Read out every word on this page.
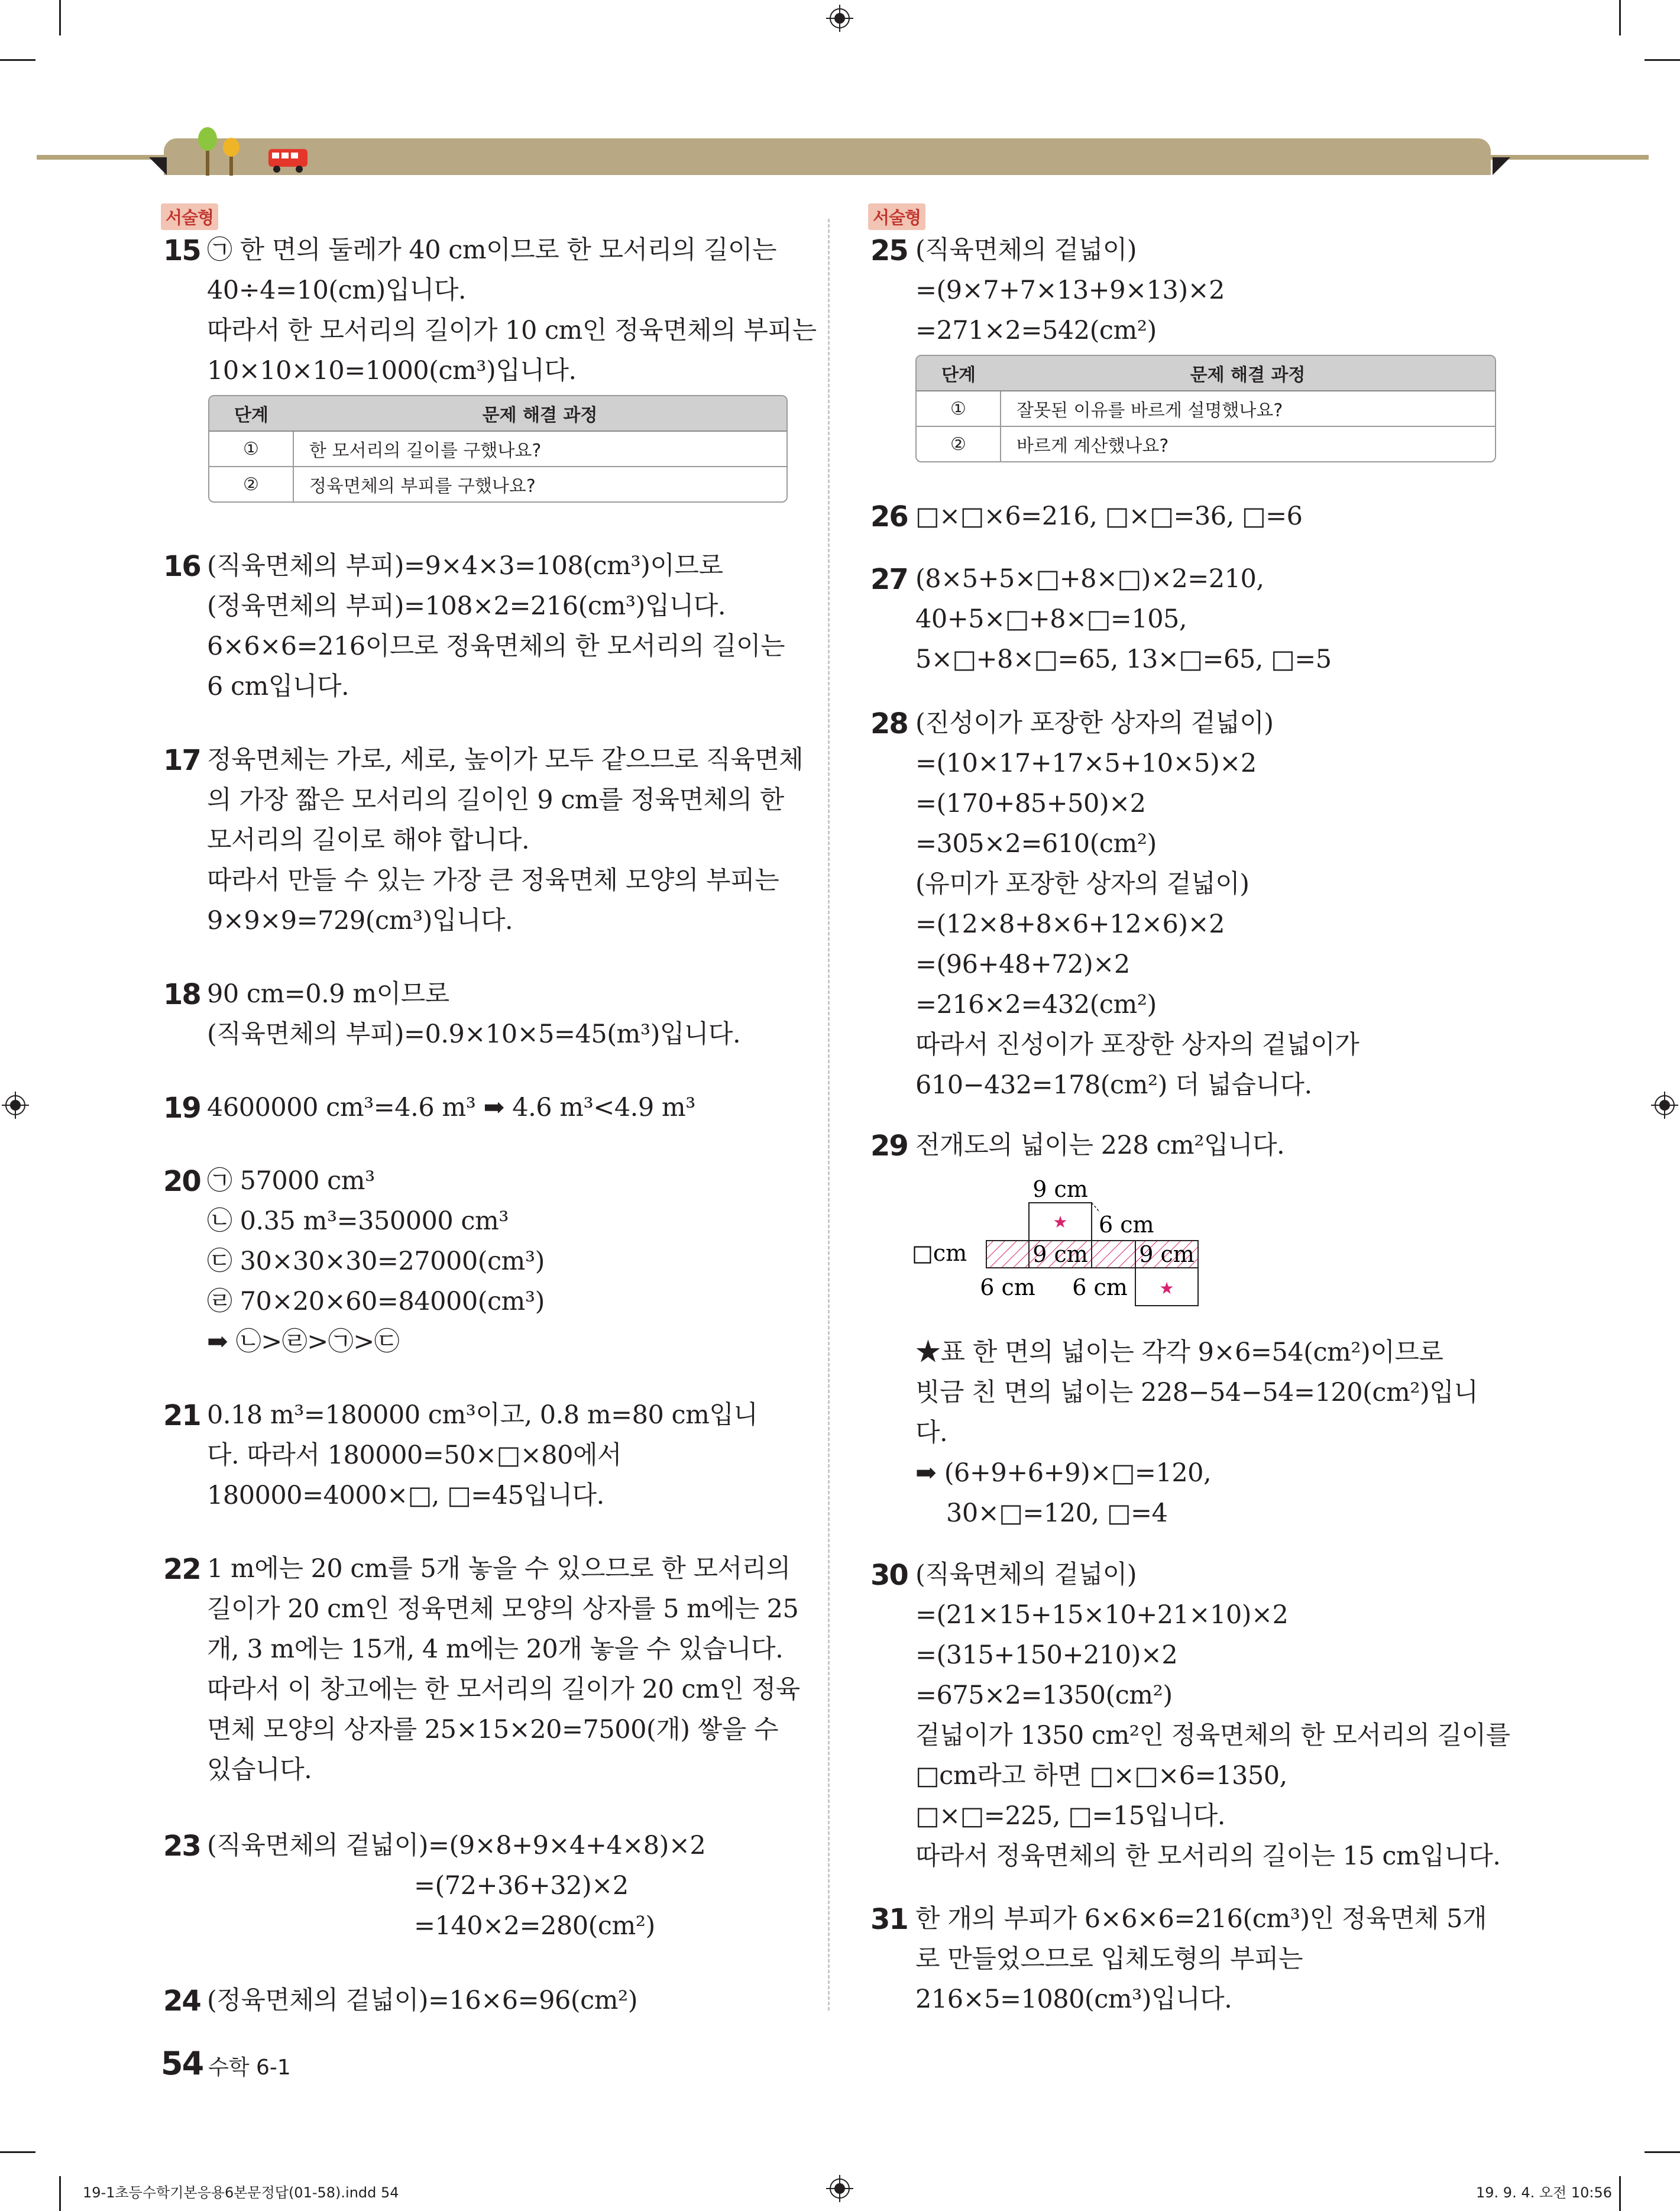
서술형
15 ㉠ 한 면의 둘레가 40 cm이므로 한 모서리의 길이는
40÷4=10(cm)입니다.
따라서 한 모서리의 길이가 10 cm인 정육면체의 부피는
10×10×10=1000(cm³)입니다.
단계	문제 해결 과정
①	한 모서리의 길이를 구했나요?
②	정육면체의 부피를 구했나요?
16 (직육면체의 부피)=9×4×3=108(cm³)이므로
(정육면체의 부피)=108×2=216(cm³)입니다.
6×6×6=216이므로 정육면체의 한 모서리의 길이는
6 cm입니다.
17 정육면체는 가로, 세로, 높이가 모두 같으므로 직육면체
의 가장 짧은 모서리의 길이인 9 cm를 정육면체의 한
모서리의 길이로 해야 합니다.
따라서 만들 수 있는 가장 큰 정육면체 모양의 부피는
9×9×9=729(cm³)입니다.
18 90 cm=0.9 m이므로
(직육면체의 부피)=0.9×10×5=45(m³)입니다.
19 4600000 cm³=4.6 m³ ➡ 4.6 m³<4.9 m³
20 ㉠ 57000 cm³
㉡ 0.35 m³=350000 cm³
㉢ 30×30×30=27000(cm³)
㉣ 70×20×60=84000(cm³)
➡ ㉡>㉣>㉠>㉢
21 0.18 m³=180000 cm³이고, 0.8 m=80 cm입니
다. 따라서 180000=50×□×80에서
180000=4000×□, □=45입니다.
22 1 m에는 20 cm를 5개 놓을 수 있으므로 한 모서리의
길이가 20 cm인 정육면체 모양의 상자를 5 m에는 25
개, 3 m에는 15개, 4 m에는 20개 놓을 수 있습니다.
따라서 이 창고에는 한 모서리의 길이가 20 cm인 정육
면체 모양의 상자를 25×15×20=7500(개) 쌓을 수
있습니다.
23 (직육면체의 겉넓이)=(9×8+9×4+4×8)×2
=(72+36+32)×2
=140×2=280(cm²)
24 (정육면체의 겉넓이)=16×6=96(cm²)
서술형
25 (직육면체의 겉넓이)
=(9×7+7×13+9×13)×2
=271×2=542(cm²)
단계	문제 해결 과정
①	잘못된 이유를 바르게 설명했나요?
②	바르게 계산했나요?
26 □×□×6=216, □×□=36, □=6
27 (8×5+5×□+8×□)×2=210,
40+5×□+8×□=105,
5×□+8×□=65, 13×□=65, □=5
28 (진성이가 포장한 상자의 겉넓이)
=(10×17+17×5+10×5)×2
=(170+85+50)×2
=305×2=610(cm²)
(유미가 포장한 상자의 겉넓이)
=(12×8+8×6+12×6)×2
=(96+48+72)×2
=216×2=432(cm²)
따라서 진성이가 포장한 상자의 겉넓이가
610−432=178(cm²) 더 넓습니다.
29 전개도의 넓이는 228 cm²입니다.
★
★
9 cm
6 cm
□cm	9 cm 9 cm
6 cm 6 cm
★표 한 면의 넓이는 각각 9×6=54(cm²)이므로
빗금 친 면의 넓이는 228−54−54=120(cm²)입니
다.
➡ (6+9+6+9)×□=120,
30×□=120, □=4
30 (직육면체의 겉넓이)
=(21×15+15×10+21×10)×2
=(315+150+210)×2
=675×2=1350(cm²)
겉넓이가 1350 cm²인 정육면체의 한 모서리의 길이를
□cm라고 하면 □×□×6=1350,
□×□=225, □=15입니다.
따라서 정육면체의 한 모서리의 길이는 15 cm입니다.
31 한 개의 부피가 6×6×6=216(cm³)인 정육면체 5개
로 만들었으므로 입체도형의 부피는
216×5=1080(cm³)입니다.
54 수학 6-1
19-1초등수학기본응용6본문정답(01-58).indd 54	19. 9. 4. 오전 10:56
